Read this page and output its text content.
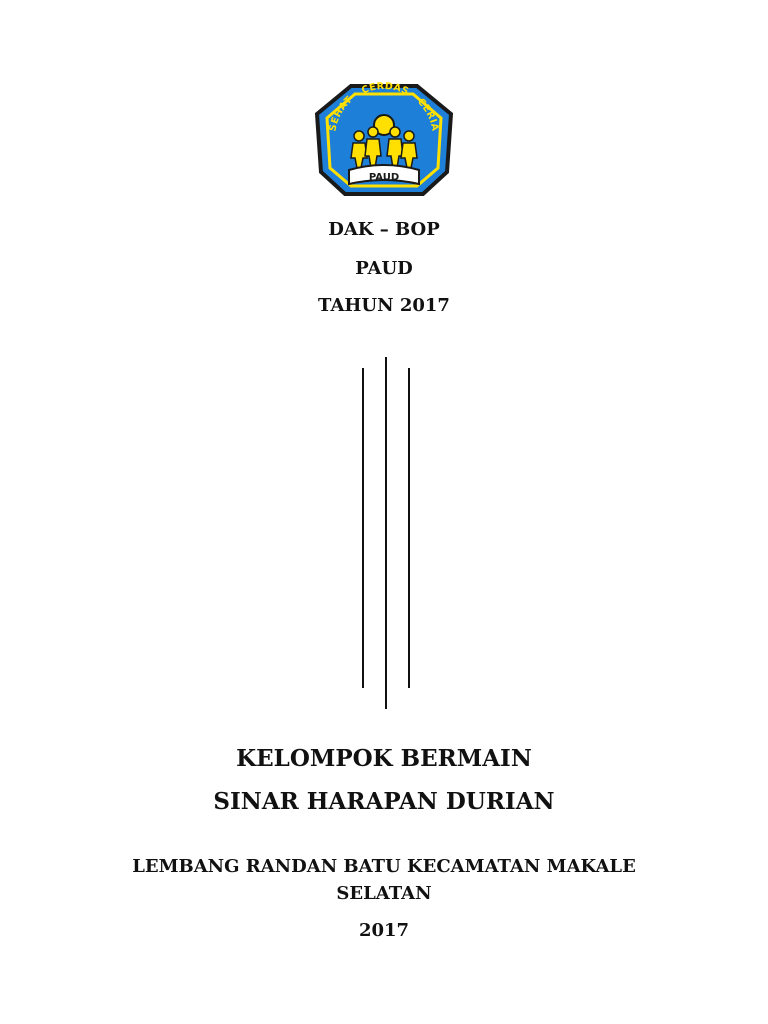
SEHAT - CERDAS - CERIA
PAUD
DAK – BOP
PAUD
TAHUN 2017
KELOMPOK BERMAIN
SINAR HARAPAN DURIAN
LEMBANG RANDAN BATU KECAMATAN MAKALE
SELATAN
2017
